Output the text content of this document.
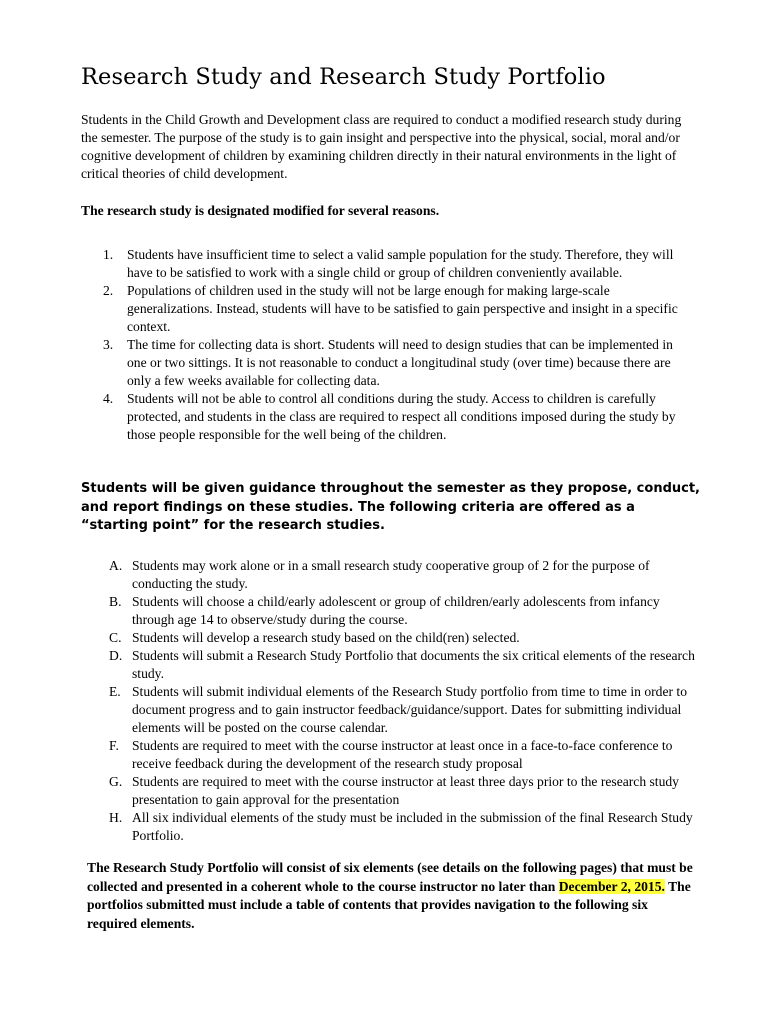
Research Study and Research Study Portfolio

Students in the Child Growth and Development class are required to conduct a modified research study during the semester. The purpose of the study is to gain insight and perspective into the physical, social, moral and/or cognitive development of children by examining children directly in their natural environments in the light of critical theories of child development.

The research study is designated modified for several reasons.

1. Students have insufficient time to select a valid sample population for the study. Therefore, they will have to be satisfied to work with a single child or group of children conveniently available.
2. Populations of children used in the study will not be large enough for making large-scale generalizations. Instead, students will have to be satisfied to gain perspective and insight in a specific context.
3. The time for collecting data is short. Students will need to design studies that can be implemented in one or two sittings. It is not reasonable to conduct a longitudinal study (over time) because there are only a few weeks available for collecting data.
4. Students will not be able to control all conditions during the study. Access to children is carefully protected, and students in the class are required to respect all conditions imposed during the study by those people responsible for the well being of the children.

Students will be given guidance throughout the semester as they propose, conduct, and report findings on these studies. The following criteria are offered as a “starting point” for the research studies.

A. Students may work alone or in a small research study cooperative group of 2 for the purpose of conducting the study.
B. Students will choose a child/early adolescent or group of children/early adolescents from infancy through age 14 to observe/study during the course.
C. Students will develop a research study based on the child(ren) selected.
D. Students will submit a Research Study Portfolio that documents the six critical elements of the research study.
E. Students will submit individual elements of the Research Study portfolio from time to time in order to document progress and to gain instructor feedback/guidance/support. Dates for submitting individual elements will be posted on the course calendar.
F. Students are required to meet with the course instructor at least once in a face-to-face conference to receive feedback during the development of the research study proposal
G. Students are required to meet with the course instructor at least three days prior to the research study presentation to gain approval for the presentation
H. All six individual elements of the study must be included in the submission of the final Research Study Portfolio.

The Research Study Portfolio will consist of six elements (see details on the following pages) that must be collected and presented in a coherent whole to the course instructor no later than December 2, 2015. The portfolios submitted must include a table of contents that provides navigation to the following six required elements.
